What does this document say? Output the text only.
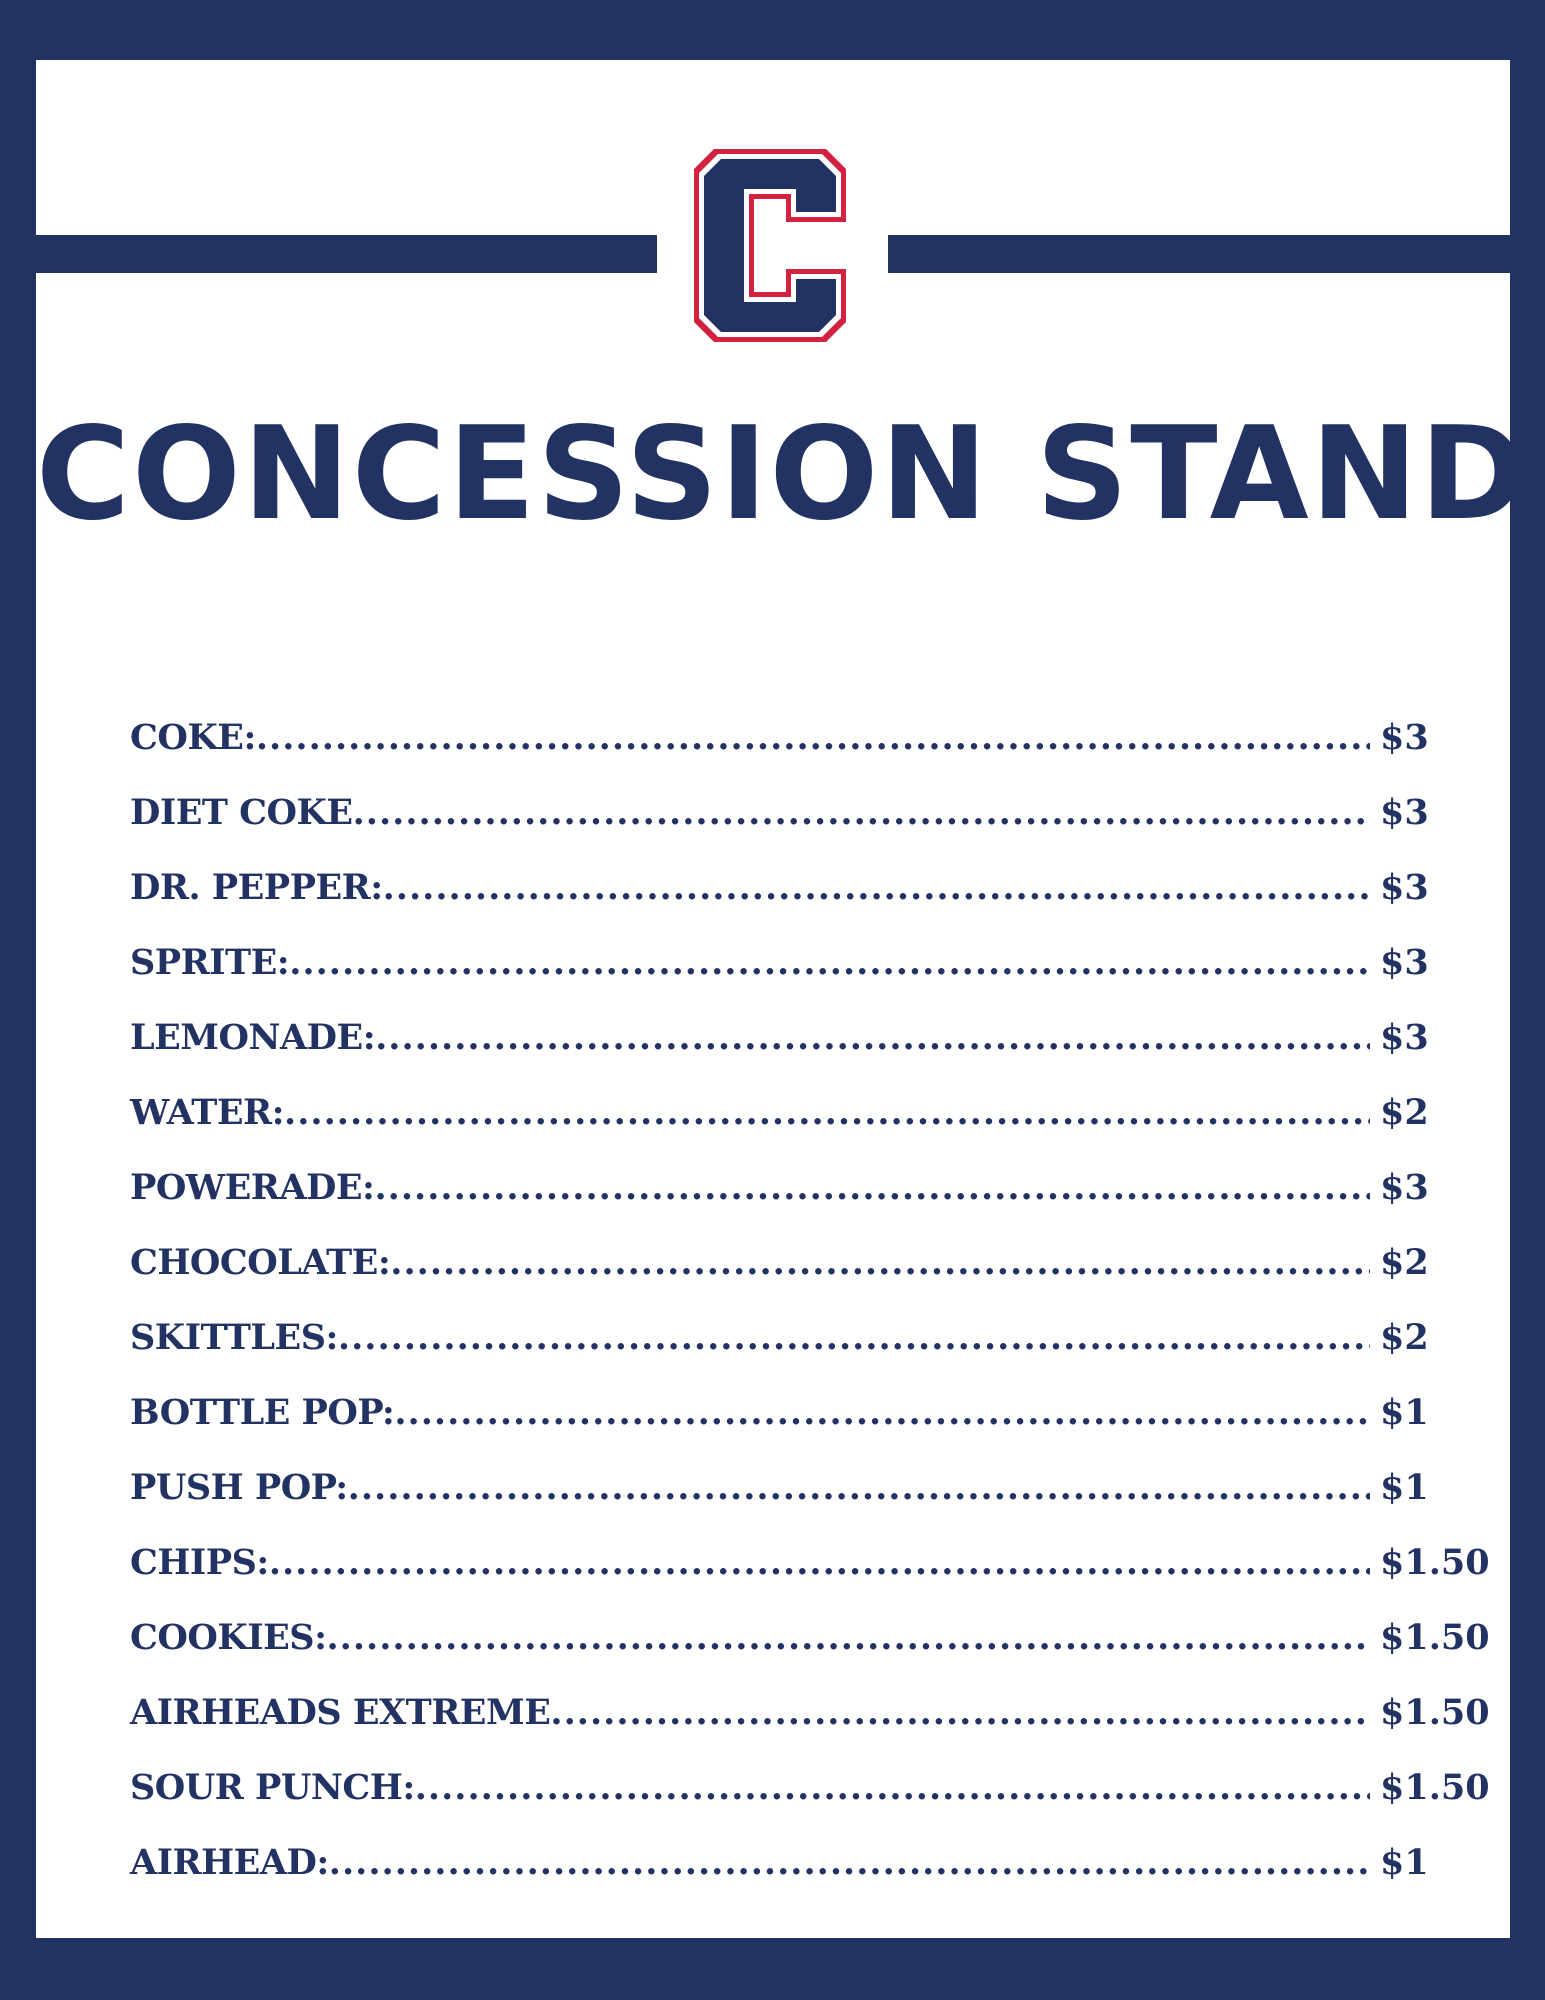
CONCESSION STAND
COKE: .....	$3
DIET COKE .....	$3
DR. PEPPER: .....	$3
SPRITE: .....	$3
LEMONADE: .....	$3
WATER: .....	$2
POWERADE: .....	$3
CHOCOLATE: .....	$2
SKITTLES: .....	$2
BOTTLE POP: .....	$1
PUSH POP: .....	$1
CHIPS: .....	$1.50
COOKIES: .....	$1.50
AIRHEADS EXTREME .....	$1.50
SOUR PUNCH: .....	$1.50
AIRHEAD: .....	$1
